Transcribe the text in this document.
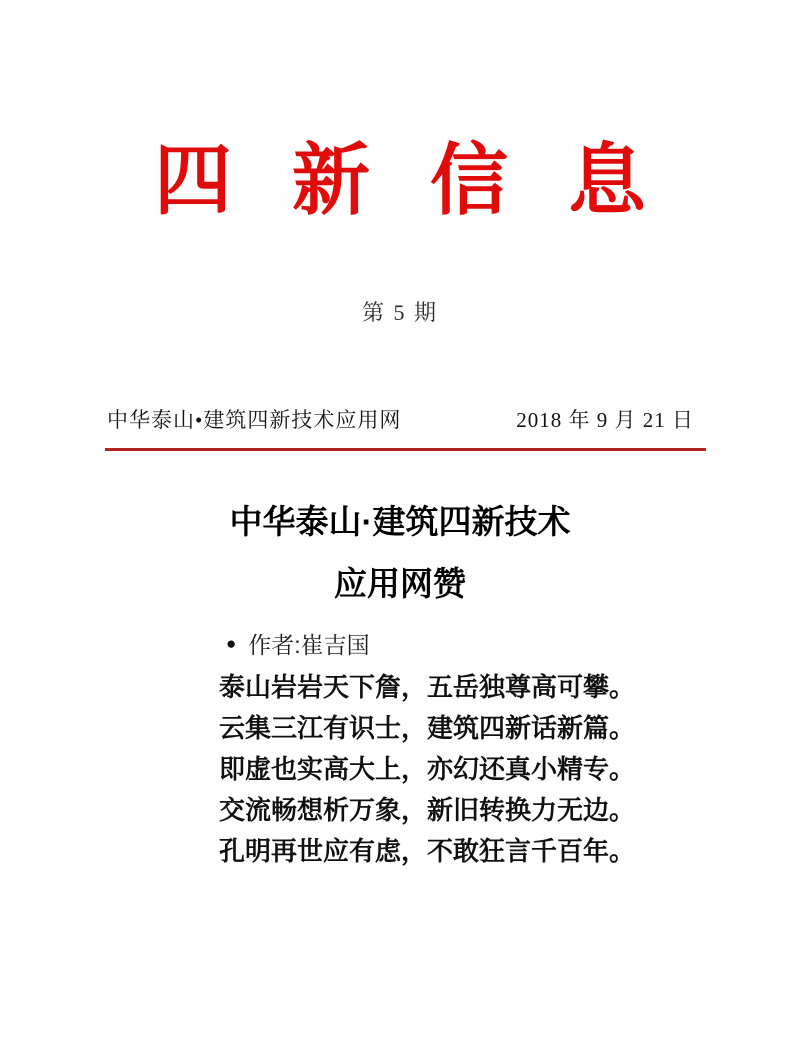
四新信息
第 5 期
中华泰山•建筑四新技术应用网	2018 年 9 月 21 日
中华泰山·建筑四新技术
应用网赞
● 作者:崔吉国
泰山岩岩天下詹，五岳独尊高可攀。
云集三江有识士，建筑四新话新篇。
即虚也实高大上，亦幻还真小精专。
交流畅想析万象，新旧转换力无边。
孔明再世应有虑，不敢狂言千百年。
